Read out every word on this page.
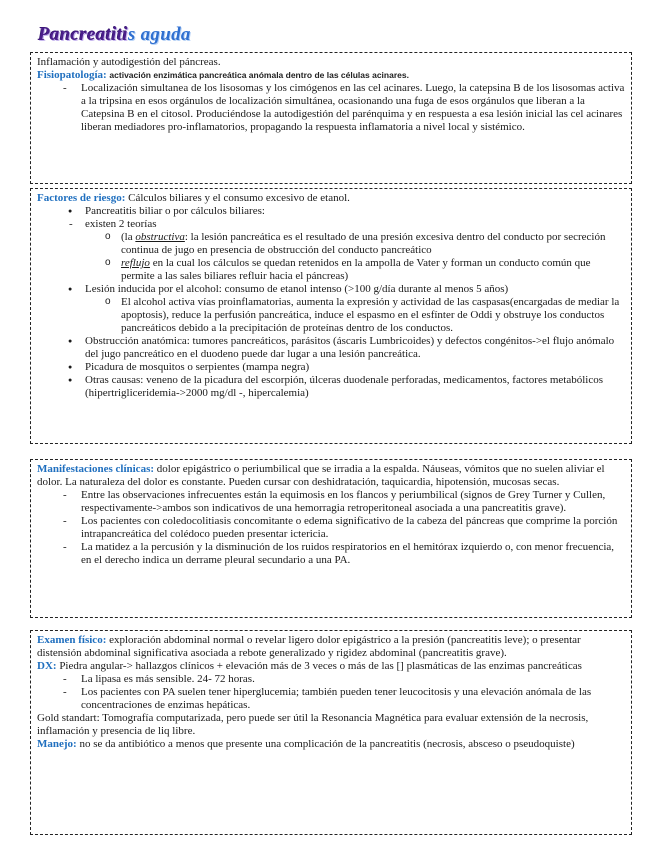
Pancreatitis aguda

Inflamación y autodigestión del páncreas.

Fisiopatología: activación enzimática pancreática anómala dentro de las células acinares.

- Localización simultanea de los lisosomas y los cimógenos en las cel acinares. Luego, la catepsina B de los lisosomas activa a la tripsina en esos orgánulos de localización simultánea, ocasionando una fuga de esos orgánulos que liberan a la Catepsina B en el citosol. Produciéndose la autodigestión del parénquima y en respuesta a esa lesión inicial las cel acinares liberan mediadores pro-inflamatorios, propagando la respuesta inflamatoria a nivel local y sistémico.

Factores de riesgo: Cálculos biliares y el consumo excesivo de etanol.

● Pancreatitis biliar o por cálculos biliares:

- existen 2 teorías

o (la obstructiva: la lesión pancreática es el resultado de una presión excesiva dentro del conducto por secreción continua de jugo en presencia de obstrucción del conducto pancreático

o reflujo en la cual los cálculos se quedan retenidos en la ampolla de Vater y forman un conducto común que permite a las sales biliares refluir hacia el páncreas)

● Lesión inducida por el alcohol: consumo de etanol intenso (>100 g/día durante al menos 5 años)

o El alcohol activa vías proinflamatorias, aumenta la expresión y actividad de las caspasas(encargadas de mediar la apoptosis), reduce la perfusión pancreática, induce el espasmo en el esfínter de Oddi y obstruye los conductos pancreáticos debido a la precipitación de proteínas dentro de los conductos.

● Obstrucción anatómica: tumores pancreáticos, parásitos (áscaris Lumbricoides) y defectos congénitos->el flujo anómalo del jugo pancreático en el duodeno puede dar lugar a una lesión pancreática.

● Picadura de mosquitos o serpientes (mampa negra)

● Otras causas: veneno de la picadura del escorpión, úlceras duodenale perforadas, medicamentos, factores metabólicos (hipertrigliceridemia->2000 mg/dl -, hipercalemia)

Manifestaciones clínicas: dolor epigástrico o periumbilical que se irradia a la espalda. Náuseas, vómitos que no suelen aliviar el dolor. La naturaleza del dolor es constante. Pueden cursar con deshidratación, taquicardia, hipotensión, mucosas secas.

- Entre las observaciones infrecuentes están la equimosis en los flancos y periumbilical (signos de Grey Turner y Cullen, respectivamente->ambos son indicativos de una hemorragia retroperitoneal asociada a una pancreatitis grave).

- Los pacientes con coledocolitiasis concomitante o edema significativo de la cabeza del páncreas que comprime la porción intrapancreática del colédoco pueden presentar ictericia.

- La matidez a la percusión y la disminución de los ruidos respiratorios en el hemitórax izquierdo o, con menor frecuencia, en el derecho indica un derrame pleural secundario a una PA.

Examen físico: exploración abdominal normal o revelar ligero dolor epigástrico a la presión (pancreatitis leve); o presentar distensión abdominal significativa asociada a rebote generalizado y rigidez abdominal (pancreatitis grave).

DX: Piedra angular-> hallazgos clínicos + elevación más de 3 veces o más de las [] plasmáticas de las enzimas pancreáticas

- La lipasa es más sensible. 24- 72 horas.

- Los pacientes con PA suelen tener hiperglucemia; también pueden tener leucocitosis y una elevación anómala de las concentraciones de enzimas hepáticas.

Gold standart: Tomografía computarizada, pero puede ser útil la Resonancia Magnética para evaluar extensión de la necrosis, inflamación y presencia de liq libre.

Manejo: no se da antibiótico a menos que presente una complicación de la pancreatitis (necrosis, absceso o pseudoquiste)
